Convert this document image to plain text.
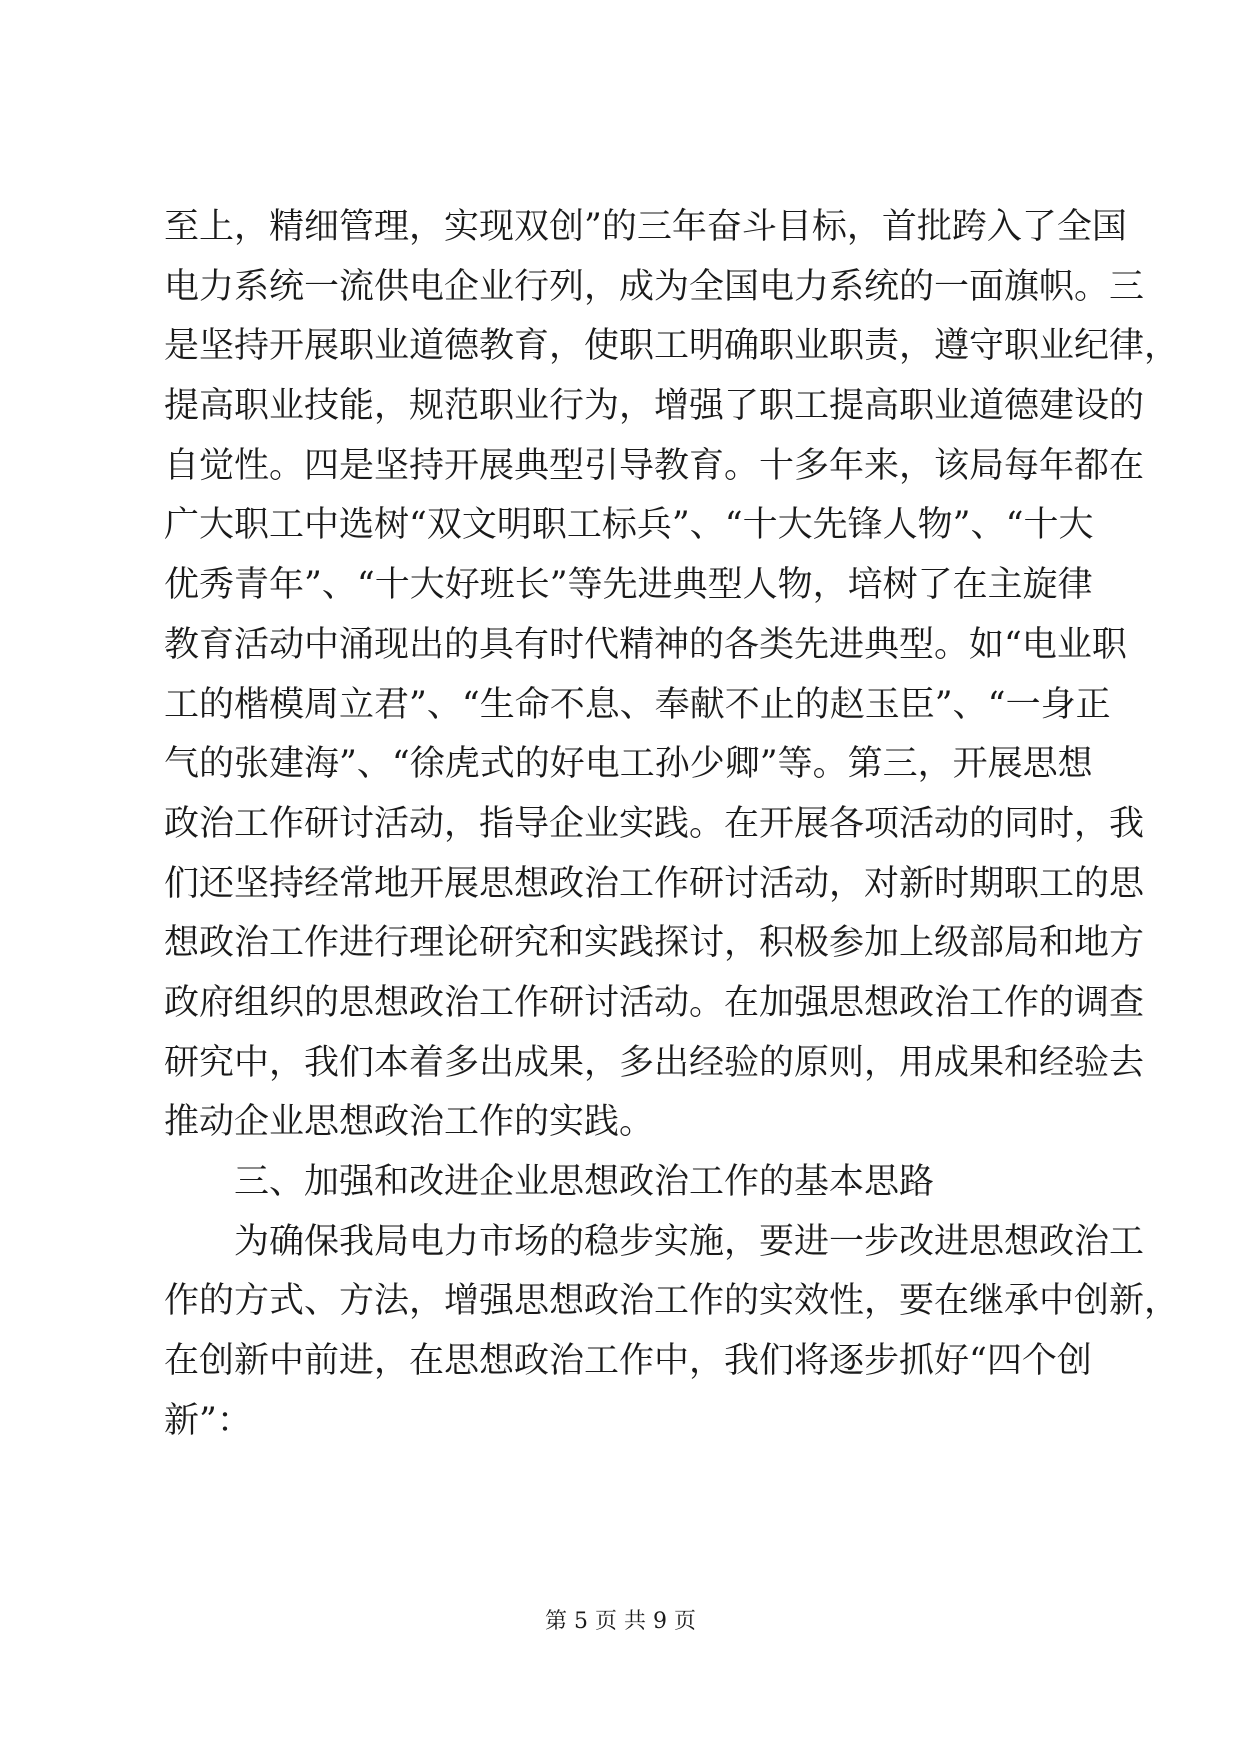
至上，精细管理，实现双创”的三年奋斗目标，首批跨入了全国
电力系统一流供电企业行列，成为全国电力系统的一面旗帜。三
是坚持开展职业道德教育，使职工明确职业职责，遵守职业纪律，
提高职业技能，规范职业行为，增强了职工提高职业道德建设的
自觉性。四是坚持开展典型引导教育。十多年来，该局每年都在
广大职工中选树“双文明职工标兵”、“十大先锋人物”、“十大
优秀青年”、“十大好班长”等先进典型人物，培树了在主旋律
教育活动中涌现出的具有时代精神的各类先进典型。如“电业职
工的楷模周立君”、“生命不息、奉献不止的赵玉臣”、“一身正
气的张建海”、“徐虎式的好电工孙少卿”等。第三，开展思想
政治工作研讨活动，指导企业实践。在开展各项活动的同时，我
们还坚持经常地开展思想政治工作研讨活动，对新时期职工的思
想政治工作进行理论研究和实践探讨，积极参加上级部局和地方
政府组织的思想政治工作研讨活动。在加强思想政治工作的调查
研究中，我们本着多出成果，多出经验的原则，用成果和经验去
推动企业思想政治工作的实践。
三、加强和改进企业思想政治工作的基本思路
为确保我局电力市场的稳步实施，要进一步改进思想政治工
作的方式、方法，增强思想政治工作的实效性，要在继承中创新，
在创新中前进，在思想政治工作中，我们将逐步抓好“四个创
新”：
第 5 页 共 9 页
